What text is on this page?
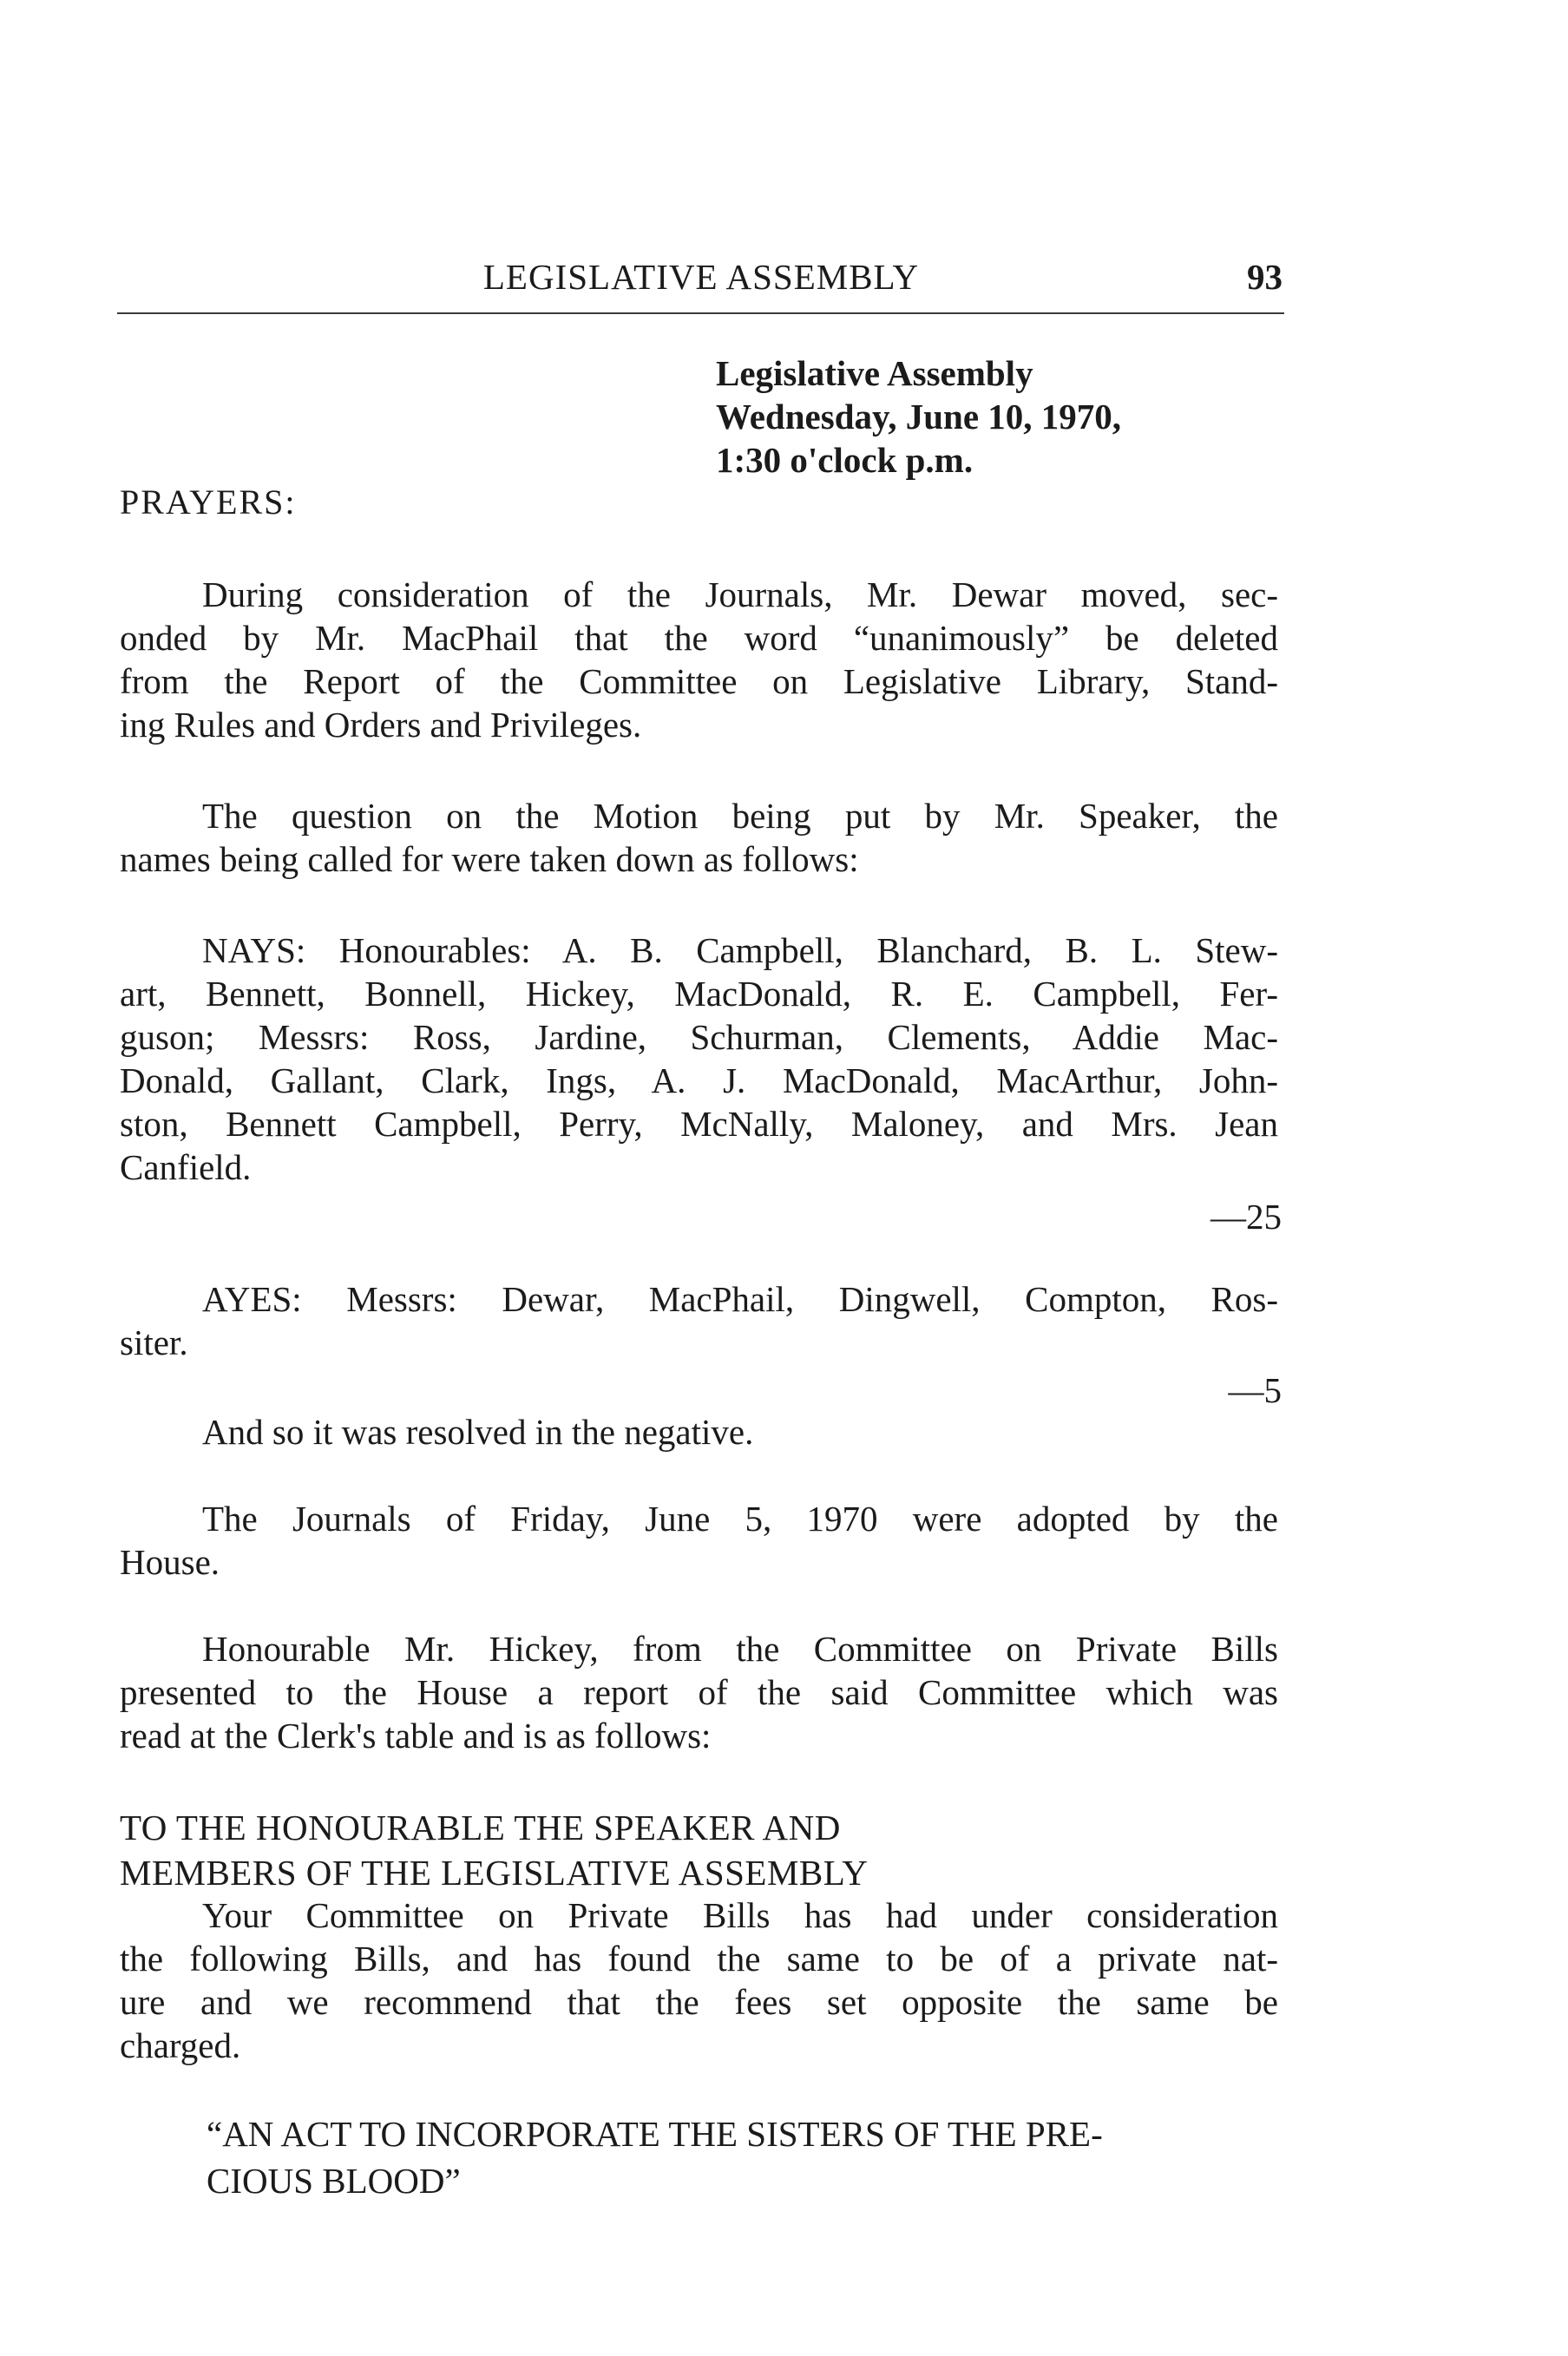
LEGISLATIVE ASSEMBLY	93
Legislative Assembly
Wednesday, June 10, 1970,
1:30 o'clock p.m.
PRAYERS:
During consideration of the Journals, Mr. Dewar moved, sec-
onded by Mr. MacPhail that the word “unanimously” be deleted
from the Report of the Committee on Legislative Library, Stand-
ing Rules and Orders and Privileges.
The question on the Motion being put by Mr. Speaker, the
names being called for were taken down as follows:
NAYS: Honourables: A. B. Campbell, Blanchard, B. L. Stew-
art, Bennett, Bonnell, Hickey, MacDonald, R. E. Campbell, Fer-
guson; Messrs: Ross, Jardine, Schurman, Clements, Addie Mac-
Donald, Gallant, Clark, Ings, A. J. MacDonald, MacArthur, John-
ston, Bennett Campbell, Perry, McNally, Maloney, and Mrs. Jean
Canfield.
—25
AYES: Messrs: Dewar, MacPhail, Dingwell, Compton, Ros-
siter.
—5
And so it was resolved in the negative.
The Journals of Friday, June 5, 1970 were adopted by the
House.
Honourable Mr. Hickey, from the Committee on Private Bills
presented to the House a report of the said Committee which was
read at the Clerk's table and is as follows:
TO THE HONOURABLE THE SPEAKER AND
MEMBERS OF THE LEGISLATIVE ASSEMBLY
Your Committee on Private Bills has had under consideration
the following Bills, and has found the same to be of a private nat-
ure and we recommend that the fees set opposite the same be
charged.
“AN ACT TO INCORPORATE THE SISTERS OF THE PRE-
CIOUS BLOOD”
